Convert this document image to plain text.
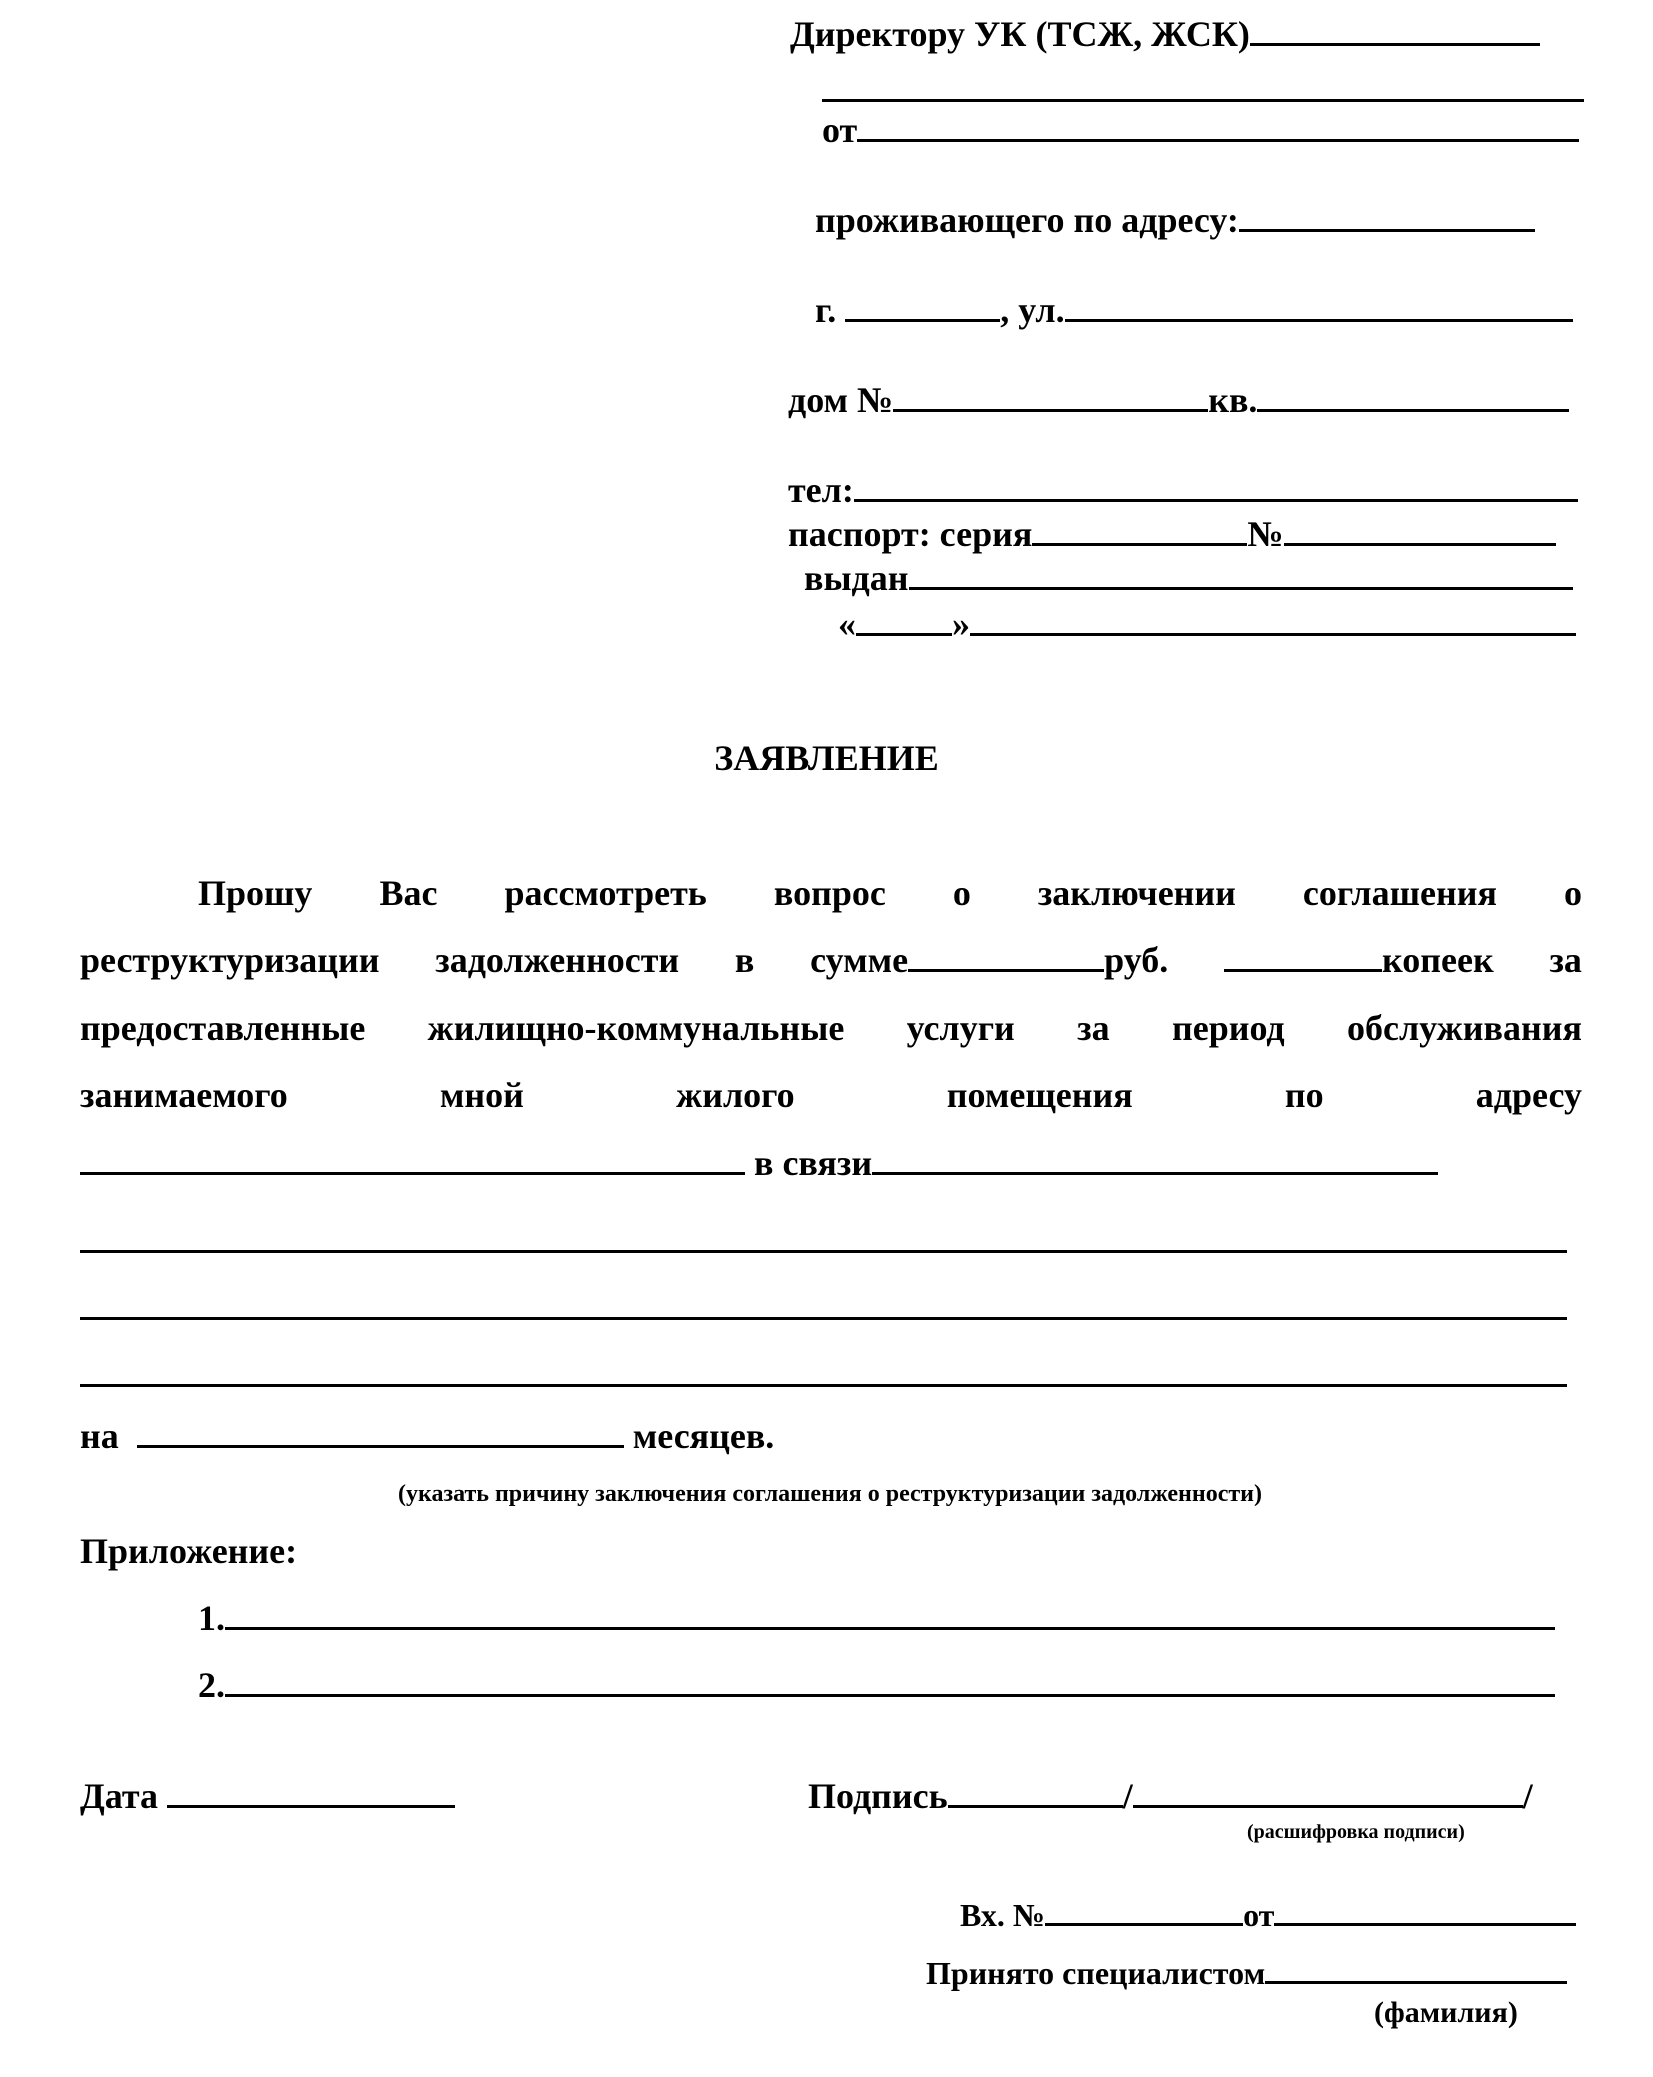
Директору УК (ТСЖ, ЖСК)
от
проживающего по адресу:
г.	, ул.
дом №	кв.
тел:
паспорт: серия	№
выдан
«	»
ЗАЯВЛЕНИЕ
Прошу Вас рассмотреть вопрос о заключении соглашения о
реструктуризации задолженности в сумме	руб.	копеек за
предоставленные жилищно-коммунальные услуги за период обслуживания
занимаемого	мной	жилого	помещения	по	адресу
в связи
на	месяцев.
(указать причину заключения соглашения о реструктуризации задолженности)
Приложение:
1.
2.
Дата	Подпись	/	/
(расшифровка подписи)
Вх. №	от
Принято специалистом
(фамилия)
